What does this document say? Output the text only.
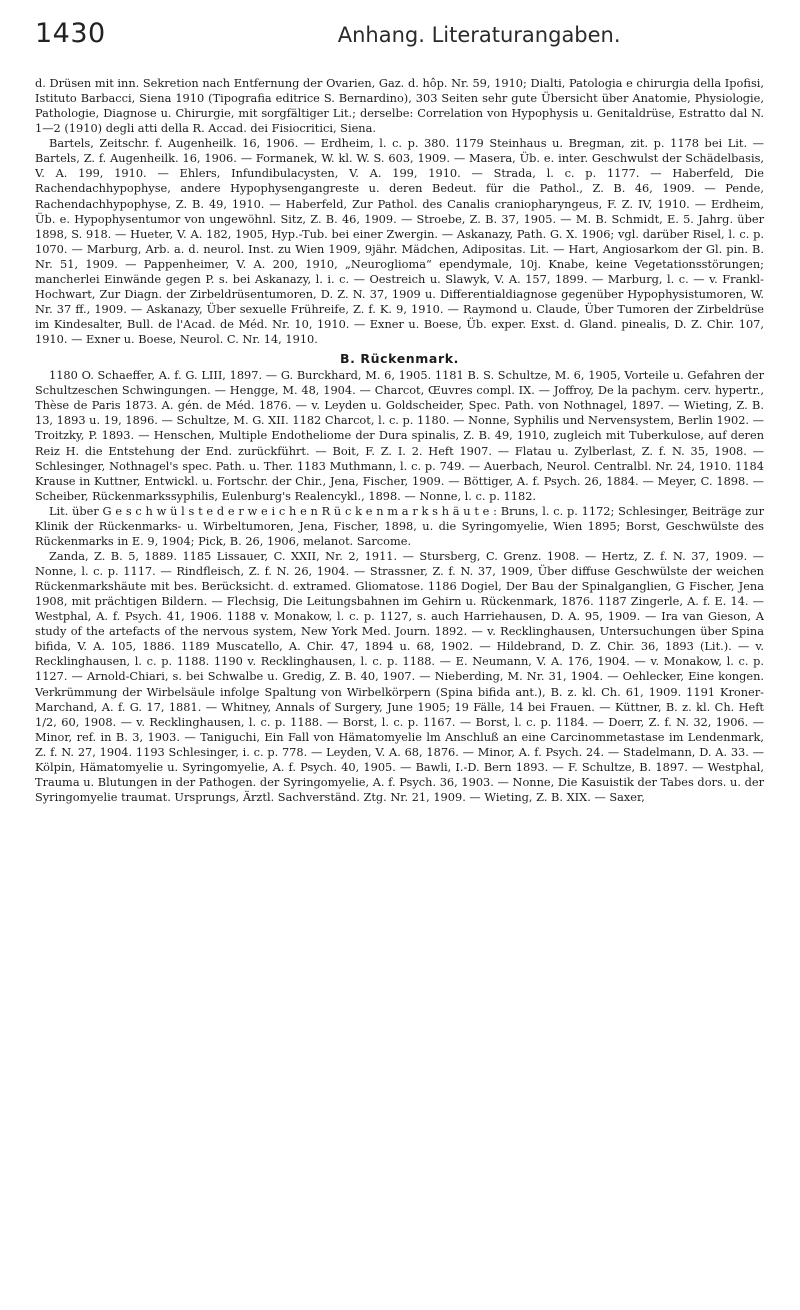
1430	Anhang. Literaturangaben.

d. Drüsen mit inn. Sekretion nach Entfernung der Ovarien, Gaz. d. hôp. Nr. 59, 1910; Dialti, Patologia e chirurgia della Ipofisi, Istituto Barbacci, Siena 1910 (Tipografia editrice S. Bernardino), 303 Seiten sehr gute Übersicht über Anatomie, Physiologie, Pathologie, Diagnose u. Chirurgie, mit sorgfältiger Lit.; derselbe: Correlation von Hypophysis u. Genitaldrüse, Estratto dal N. 1—2 (1910) degli atti della R. Accad. dei Fisiocritici, Siena.

Bartels, Zeitschr. f. Augenheilk. 16, 1906. — Erdheim, l. c. p. 380. 1179 Steinhaus u. Bregman, zit. p. 1178 bei Lit. — Bartels, Z. f. Augenheilk. 16, 1906. — Formanek, W. kl. W. S. 603, 1909. — Masera, Üb. e. inter. Geschwulst der Schädelbasis, V. A. 199, 1910. — Ehlers, Infundibulacysten, V. A. 199, 1910. — Strada, l. c. p. 1177. — Haberfeld, Die Rachendachhypophyse, andere Hypophysengangreste u. deren Bedeut. für die Pathol., Z. B. 46, 1909. — Pende, Rachendachhypophyse, Z. B. 49, 1910. — Haberfeld, Zur Pathol. des Canalis craniopharyngeus, F. Z. IV, 1910. — Erdheim, Üb. e. Hypophysentumor von ungewöhnl. Sitz, Z. B. 46, 1909. — Stroebe, Z. B. 37, 1905. — M. B. Schmidt, E. 5. Jahrg. über 1898, S. 918. — Hueter, V. A. 182, 1905, Hyp.-Tub. bei einer Zwergin. — Askanazy, Path. G. X. 1906; vgl. darüber Risel, l. c. p. 1070. — Marburg, Arb. a. d. neurol. Inst. zu Wien 1909, 9jähr. Mädchen, Adipositas. Lit. — Hart, Angiosarkom der Gl. pin. B. Nr. 51, 1909. — Pappenheimer, V. A. 200, 1910, „Neuroglioma“ ependymale, 10j. Knabe, keine Vegetationsstörungen; mancherlei Einwände gegen P. s. bei Askanazy, l. i. c. — Oestreich u. Slawyk, V. A. 157, 1899. — Marburg, l. c. — v. Frankl-Hochwart, Zur Diagn. der Zirbeldrüsentumoren, D. Z. N. 37, 1909 u. Differentialdiagnose gegenüber Hypophysistumoren, W. Nr. 37 ff., 1909. — Askanazy, Über sexuelle Frühreife, Z. f. K. 9, 1910. — Raymond u. Claude, Über Tumoren der Zirbeldrüse im Kindesalter, Bull. de l'Acad. de Méd. Nr. 10, 1910. — Exner u. Boese, Üb. exper. Exst. d. Gland. pinealis, D. Z. Chir. 107, 1910. — Exner u. Boese, Neurol. C. Nr. 14, 1910.

B. Rückenmark.

1180 O. Schaeffer, A. f. G. LIII, 1897. — G. Burckhard, M. 6, 1905. 1181 B. S. Schultze, M. 6, 1905, Vorteile u. Gefahren der Schultzeschen Schwingungen. — Hengge, M. 48, 1904. — Charcot, Œuvres compl. IX. — Joffroy, De la pachym. cerv. hypertr., Thèse de Paris 1873. A. gén. de Méd. 1876. — v. Leyden u. Goldscheider, Spec. Path. von Nothnagel, 1897. — Wieting, Z. B. 13, 1893 u. 19, 1896. — Schultze, M. G. XII. 1182 Charcot, l. c. p. 1180. — Nonne, Syphilis und Nervensystem, Berlin 1902. — Troitzky, P. 1893. — Henschen, Multiple Endotheliome der Dura spinalis, Z. B. 49, 1910, zugleich mit Tuberkulose, auf deren Reiz H. die Entstehung der End. zurückführt. — Boit, F. Z. I. 2. Heft 1907. — Flatau u. Zylberlast, Z. f. N. 35, 1908. —Schlesinger, Nothnagel's spec. Path. u. Ther. 1183 Muthmann, l. c. p. 749. — Auerbach, Neurol. Centralbl. Nr. 24, 1910. 1184 Krause in Kuttner, Entwickl. u. Fortschr. der Chir., Jena, Fischer, 1909. — Böttiger, A. f. Psych. 26, 1884. — Meyer, C. 1898. — Scheiber, Rückenmarkssyphilis, Eulenburg's Realencykl., 1898. — Nonne, l. c. p. 1182.

Lit. über G e s c h w ü l s t e d e r w e i c h e n R ü c k e n m a r k s h ä u t e : Bruns, l. c. p. 1172; Schlesinger, Beiträge zur Klinik der Rückenmarks- u. Wirbeltumoren, Jena, Fischer, 1898, u. die Syringomyelie, Wien 1895; Borst, Geschwülste des Rückenmarks in E. 9, 1904; Pick, B. 26, 1906, melanot. Sarcome.

Zanda, Z. B. 5, 1889. 1185 Lissauer, C. XXII, Nr. 2, 1911. — Stursberg, C. Grenz. 1908. — Hertz, Z. f. N. 37, 1909. — Nonne, l. c. p. 1117. — Rindfleisch, Z. f. N. 26, 1904. — Strassner, Z. f. N. 37, 1909, Über diffuse Geschwülste der weichen Rückenmarkshäute mit bes. Berücksicht. d. extramed. Gliomatose. 1186 Dogiel, Der Bau der Spinalganglien, G Fischer, Jena 1908, mit prächtigen Bildern. — Flechsig, Die Leitungsbahnen im Gehirn u. Rückenmark, 1876. 1187 Zingerle, A. f. E. 14. — Westphal, A. f. Psych. 41, 1906. 1188 v. Monakow, l. c. p. 1127, s. auch Harriehausen, D. A. 95, 1909. — Ira van Gieson, A study of the artefacts of the nervous system, New York Med. Journ. 1892. — v. Recklinghausen, Untersuchungen über Spina bifida, V. A. 105, 1886. 1189 Muscatello, A. Chir. 47, 1894 u. 68, 1902. — Hildebrand, D. Z. Chir. 36, 1893 (Lit.). — v. Recklinghausen, l. c. p. 1188. 1190 v. Recklinghausen, l. c. p. 1188. — E. Neumann, V. A. 176, 1904. — v. Monakow, l. c. p. 1127. — Arnold-Chiari, s. bei Schwalbe u. Gredig, Z. B. 40, 1907. — Nieberding, M. Nr. 31, 1904. — Oehlecker, Eine kongen. Verkrümmung der Wirbelsäule infolge Spaltung von Wirbelkörpern (Spina bifida ant.), B. z. kl. Ch. 61, 1909. 1191 Kroner-Marchand, A. f. G. 17, 1881. — Whitney, Annals of Surgery, June 1905; 19 Fälle, 14 bei Frauen. — Küttner, B. z. kl. Ch. Heft 1/2, 60, 1908. — v. Recklinghausen, l. c. p. 1188. — Borst, l. c. p. 1167. — Borst, l. c. p. 1184. — Doerr, Z. f. N. 32, 1906. — Minor, ref. in B. 3, 1903. — Taniguchi, Ein Fall von Hämatomyelie lm Anschluß an eine Carcinommetastase im Lendenmark, Z. f. N. 27, 1904. 1193 Schlesinger, i. c. p. 778. — Leyden, V. A. 68, 1876. — Minor, A. f. Psych. 24. — Stadelmann, D. A. 33. — Kölpin, Hämatomyelie u. Syringomyelie, A. f. Psych. 40, 1905. — Bawli, I.-D. Bern 1893. — F. Schultze, B. 1897. — Westphal, Trauma u. Blutungen in der Pathogen. der Syringomyelie, A. f. Psych. 36, 1903. — Nonne, Die Kasuistik der Tabes dors. u. der Syringomyelie traumat. Ursprungs, Ärztl. Sachverständ. Ztg. Nr. 21, 1909. — Wieting, Z. B. XIX. — Saxer,
